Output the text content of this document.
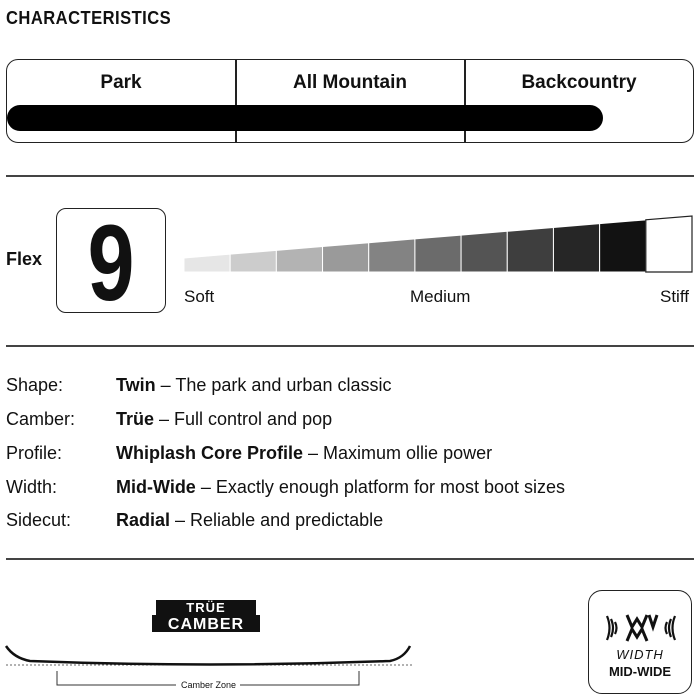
CHARACTERISTICS
Park	All Mountain	Backcountry
Flex 9	Soft	Medium	Stiff
Shape:	Twin – The park and urban classic
Camber: Trüe – Full control and pop
Profile:	Whiplash Core Profile – Maximum ollie power
Width:	Mid-Wide – Exactly enough platform for most boot sizes
Sidecut: Radial – Reliable and predictable
TRÜE
CAMBER
Camber Zone
WIDTH
MID-WIDE
